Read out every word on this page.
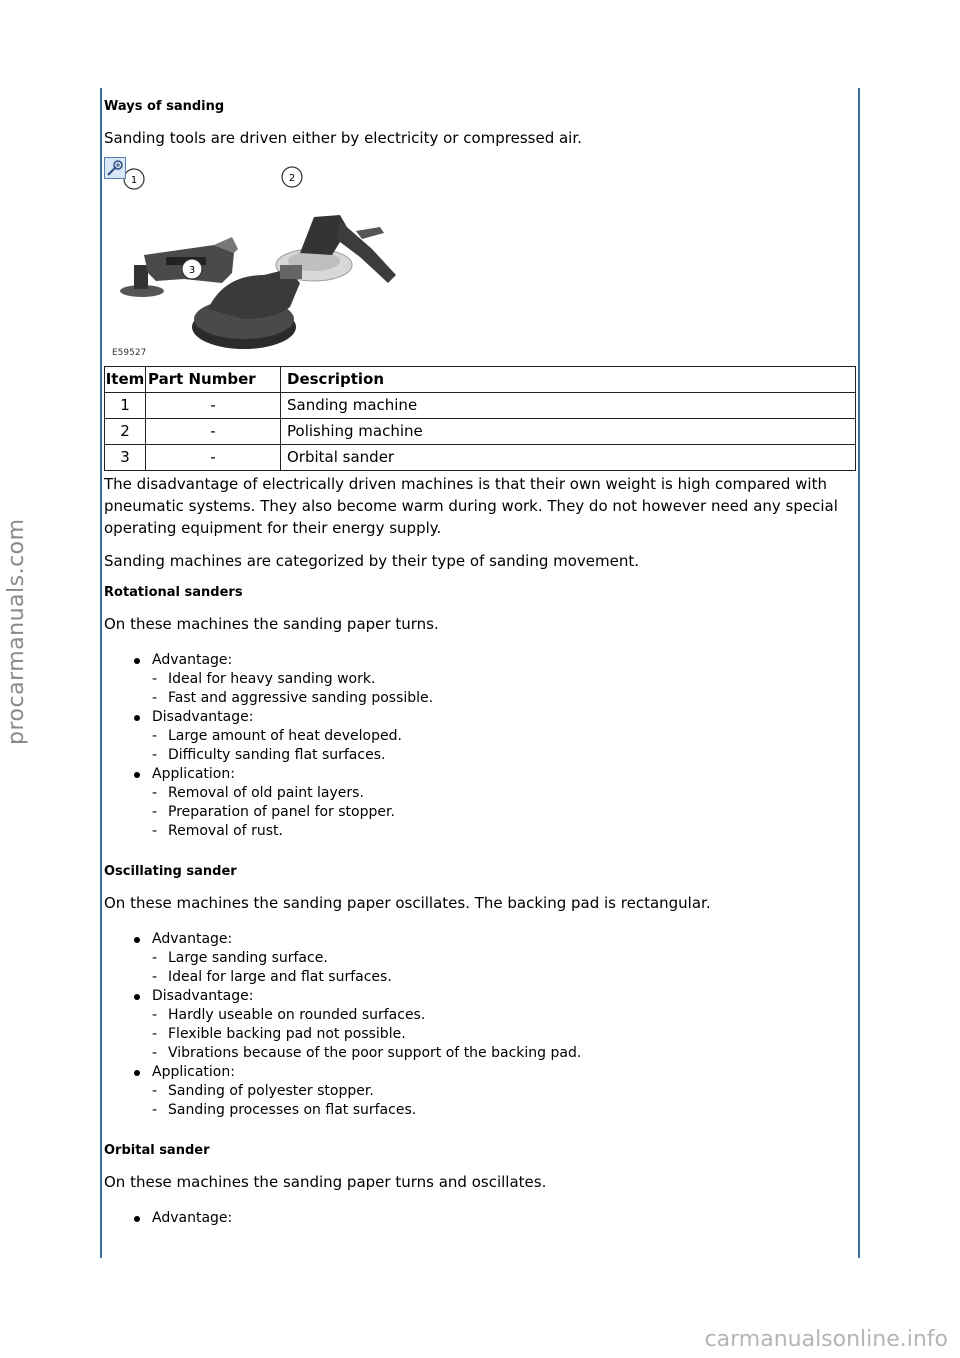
procarmanuals.com
carmanualsonline.info
Ways of sanding

Sanding tools are driven either by electricity or compressed air.

1	2
3
E59527
Item	Part Number	Description
1	-	Sanding machine
2	-	Polishing machine
3	-	Orbital sander

The disadvantage of electrically driven machines is that their own weight is high compared with pneumatic systems. They also become warm during work. They do not however need any special operating equipment for their energy supply.

Sanding machines are categorized by their type of sanding movement.

Rotational sanders

On these machines the sanding paper turns.

Advantage:
- Ideal for heavy sanding work.
- Fast and aggressive sanding possible.
Disadvantage:
- Large amount of heat developed.
- Difficulty sanding flat surfaces.
Application:
- Removal of old paint layers.
- Preparation of panel for stopper.
- Removal of rust.
Oscillating sander

On these machines the sanding paper oscillates. The backing pad is rectangular.

Advantage:
- Large sanding surface.
- Ideal for large and flat surfaces.
Disadvantage:
- Hardly useable on rounded surfaces.
- Flexible backing pad not possible.
- Vibrations because of the poor support of the backing pad.
Application:
- Sanding of polyester stopper.
- Sanding processes on flat surfaces.
Orbital sander

On these machines the sanding paper turns and oscillates.

Advantage:
